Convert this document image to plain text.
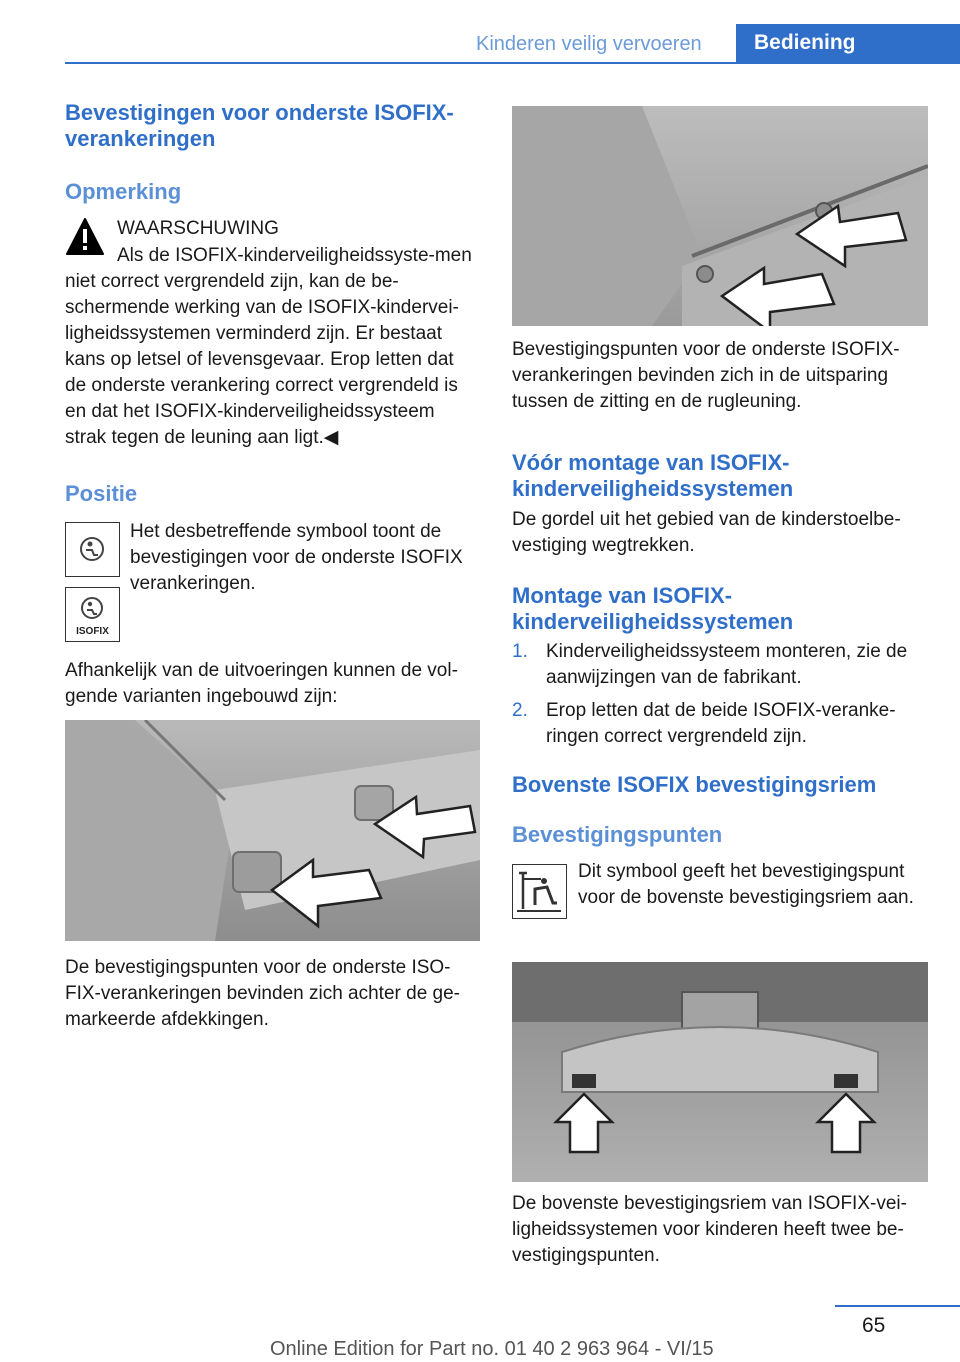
Kinderen veilig vervoeren	Bediening
Bevestigingen voor onderste ISOFIX-verankeringen
Opmerking

WAARSCHUWING

Als de ISOFIX-kinderveiligheidssyste-men niet correct vergrendeld zijn, kan de be-schermende werking van de ISOFIX-kindervei-ligheidssystemen verminderd zijn. Er bestaat kans op letsel of levensgevaar. Erop letten dat de onderste verankering correct vergrendeld is en dat het ISOFIX-kinderveiligheidssysteem strak tegen de leuning aan ligt.◀

Positie
ISOFIX

Het desbetreffende symbool toont de bevestigingen voor de onderste ISOFIX verankeringen.

Afhankelijk van de uitvoeringen kunnen de vol-gende varianten ingebouwd zijn:

De bevestigingspunten voor de onderste ISO-FIX-verankeringen bevinden zich achter de ge-markeerde afdekkingen.

Bevestigingspunten voor de onderste ISOFIX-verankeringen bevinden zich in de uitsparing tussen de zitting en de rugleuning.

Vóór montage van ISOFIX-kinderveiligheidssystemen

De gordel uit het gebied van de kinderstoelbe-vestiging wegtrekken.

Montage van ISOFIX-kinderveiligheidssystemen
1. Kinderveiligheidssysteem monteren, zie de aanwijzingen van de fabrikant.
2. Erop letten dat de beide ISOFIX-veranke-ringen correct vergrendeld zijn.
Bovenste ISOFIX bevestigingsriem
Bevestigingspunten

Dit symbool geeft het bevestigingspunt voor de bovenste bevestigingsriem aan.

De bovenste bevestigingsriem van ISOFIX-vei-ligheidssystemen voor kinderen heeft twee be-vestigingspunten.

65
Online Edition for Part no. 01 40 2 963 964 - VI/15
